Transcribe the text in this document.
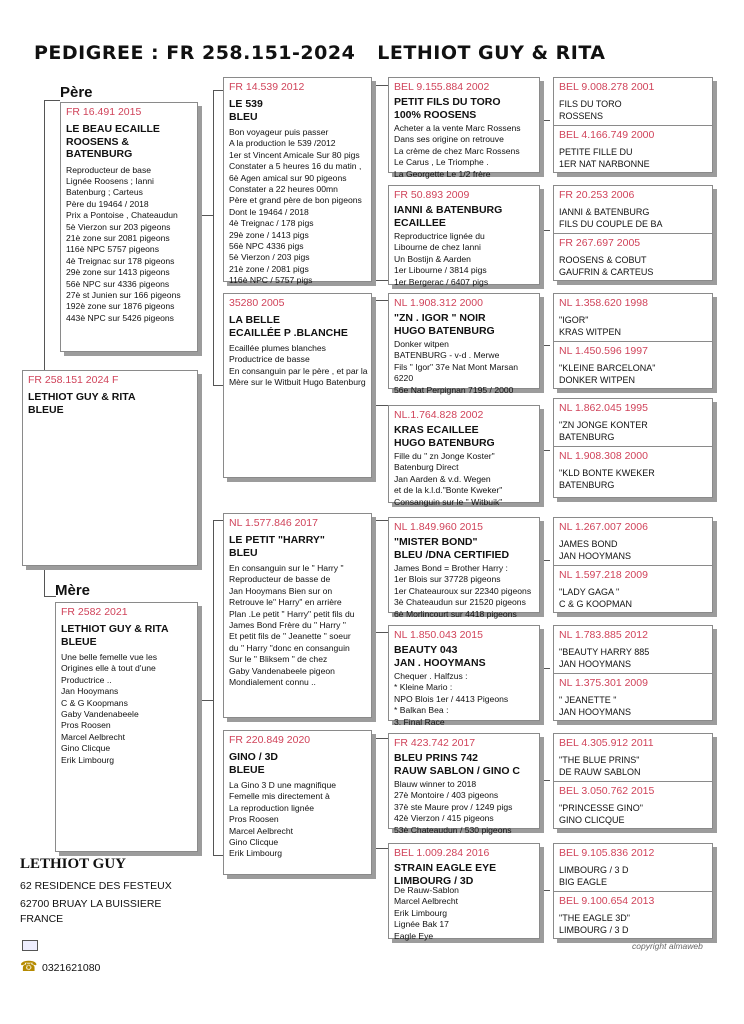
PEDIGREE : FR 258.151-2024 LETHIOT GUY & RITA
Père
Mère
FR 258.151 2024 F
LETHIOT GUY & RITA
BLEUE
FR 16.491 2015
LE BEAU ECAILLE
ROOSENS & BATENBURG
Reproducteur de base
Lignée Roosens ; Ianni
Batenburg ; Carteus
Père du 19464 / 2018
Prix a Pontoise , Chateaudun
5è Vierzon sur 203 pigeons
21è zone sur 2081 pigeons
116è NPC 5757 pigeons
4è Treignac sur 178 pigeons
29è zone sur 1413 pigeons
56è NPC sur 4336 pigeons
27è st Junien sur 166 pigeons
192è zone sur 1876 pigeons
443è NPC sur 5426 pigeons
FR 2582 2021
LETHIOT GUY & RITA
BLEUE
Une belle femelle vue les
Origines elle à tout d'une
Productrice ..
Jan Hooymans
C & G Koopmans
Gaby Vandenabeele
Pros Roosen
Marcel Aelbrecht
Gino Clicque
Erik Limbourg
FR 14.539 2012
LE 539
BLEU
Bon voyageur puis passer
A la production le 539 /2012
1er st Vincent Amicale Sur 80 pigs
Constater a 5 heures 16 du matin ,
6è Agen amical sur 90 pigeons
Constater a 22 heures 00mn
Père et grand père de bon pigeons
Dont le 19464 / 2018
4è Treignac / 178 pigs
29è zone / 1413 pigs
56è NPC 4336 pigs
5è Vierzon / 203 pigs
21è zone / 2081 pigs
116è NPC / 5757 pigs
35280 2005
LA BELLE
ECAILLÉE P .BLANCHE
Ecaillée plumes blanches
Productrice de basse
En consanguin par le père , et par la
Mère sur le Witbuit Hugo Batenburg
NL 1.577.846 2017
LE PETIT "HARRY"
BLEU
En consanguin sur le " Harry "
Reproducteur de basse de
Jan Hooymans Bien sur on
Retrouve le" Harry" en arrière
Plan .Le petit " Harry" petit fils du
James Bond Frère du " Harry "
Et petit fils de " Jeanette " soeur
du " Harry "donc en consanguin
Sur le " Bliksem " de chez
Gaby Vandenabeele pigeon
Mondialement connu ..
FR 220.849 2020
GINO / 3D
BLEUE
La Gino 3 D une magnifique
Femelle mis directement à
La reproduction lignée
Pros Roosen
Marcel Aelbrecht
Gino Clicque
Erik Limbourg
BEL 9.155.884 2002
PETIT FILS DU TORO
100% ROOSENS
Acheter a la vente Marc Rossens
Dans ses origine on retrouve
La crème de chez Marc Rossens
Le Carus , Le Triomphe .
La Georgette Le 1/2 frère
FR 50.893 2009
IANNI & BATENBURG
ECAILLEE
Reproductrice lignée du
Libourne de chez Ianni
Un Bostijn & Aarden
1er Libourne / 3814 pigs
1er Bergerac / 6407 pigs
NL 1.908.312 2000
"ZN . IGOR " NOIR
HUGO BATENBURG
Donker witpen
BATENBURG - v-d . Merwe
Fils " Igor" 37e Nat Mont Marsan
6220
56e Nat Perpignan 7195 / 2000
NL.1.764.828 2002
KRAS ECAILLEE
HUGO BATENBURG
Fille du " zn Jonge Koster"
Batenburg Direct
Jan Aarden & v.d. Wegen
et de la k.l.d."Bonte Kweker"
Consanguin sur le " Witbuik"
NL 1.849.960 2015
"MISTER BOND"
BLEU /DNA CERTIFIED
James Bond = Brother Harry :
1er Blois sur 37728 pigeons
1er Chateauroux sur 22340 pigeons
3è Chateaudun sur 21520 pigeons
6è Morlincourt sur 4418 pigeons
NL 1.850.043 2015
BEAUTY 043
JAN . HOOYMANS
Chequer . Halfzus :
* Kleine Mario :
NPO Blois 1er / 4413 Pigeons
* Balkan Bea :
3. Final Race
FR 423.742 2017
BLEU PRINS 742
RAUW SABLON / GINO C
Blauw winner to 2018
27è Montoire / 403 pigeons
37è ste Maure prov / 1249 pigs
42è Vierzon / 415 pigeons
53è Chateaudun / 530 pigeons
BEL 1.009.284 2016
STRAIN EAGLE EYE
LIMBOURG / 3D
De Rauw-Sablon
Marcel Aelbrecht
Erik Limbourg
Lignée Bak 17
Eagle Eye
BEL 9.008.278 2001
FILS DU TORO
ROSSENS
BEL 4.166.749 2000
PETITE FILLE DU
1ER NAT NARBONNE
FR 20.253 2006
IANNI & BATENBURG
FILS DU COUPLE DE BA
FR 267.697 2005
ROOSENS & COBUT
GAUFRIN & CARTEUS
NL 1.358.620 1998
"IGOR"
KRAS WITPEN
NL 1.450.596 1997
"KLEINE BARCELONA"
DONKER WITPEN
NL 1.862.045 1995
"ZN JONGE KONTER
BATENBURG
NL 1.908.308 2000
"KLD BONTE KWEKER
BATENBURG
NL 1.267.007 2006
JAMES BOND
JAN HOOYMANS
NL 1.597.218 2009
"LADY GAGA "
C & G KOOPMAN
NL 1.783.885 2012
"BEAUTY HARRY 885
JAN HOOYMANS
NL 1.375.301 2009
" JEANETTE "
JAN HOOYMANS
BEL 4.305.912 2011
"THE BLUE PRINS"
DE RAUW SABLON
BEL 3.050.762 2015
"PRINCESSE GINO"
GINO CLICQUE
BEL 9.105.836 2012
LIMBOURG / 3 D
BIG EAGLE
BEL 9.100.654 2013
"THE EAGLE 3D"
LIMBOURG / 3 D
LETHIOT GUY
62 RESIDENCE DES FESTEUX
62700 BRUAY LA BUISSIERE
FRANCE
☎ 0321621080
copyright almaweb
